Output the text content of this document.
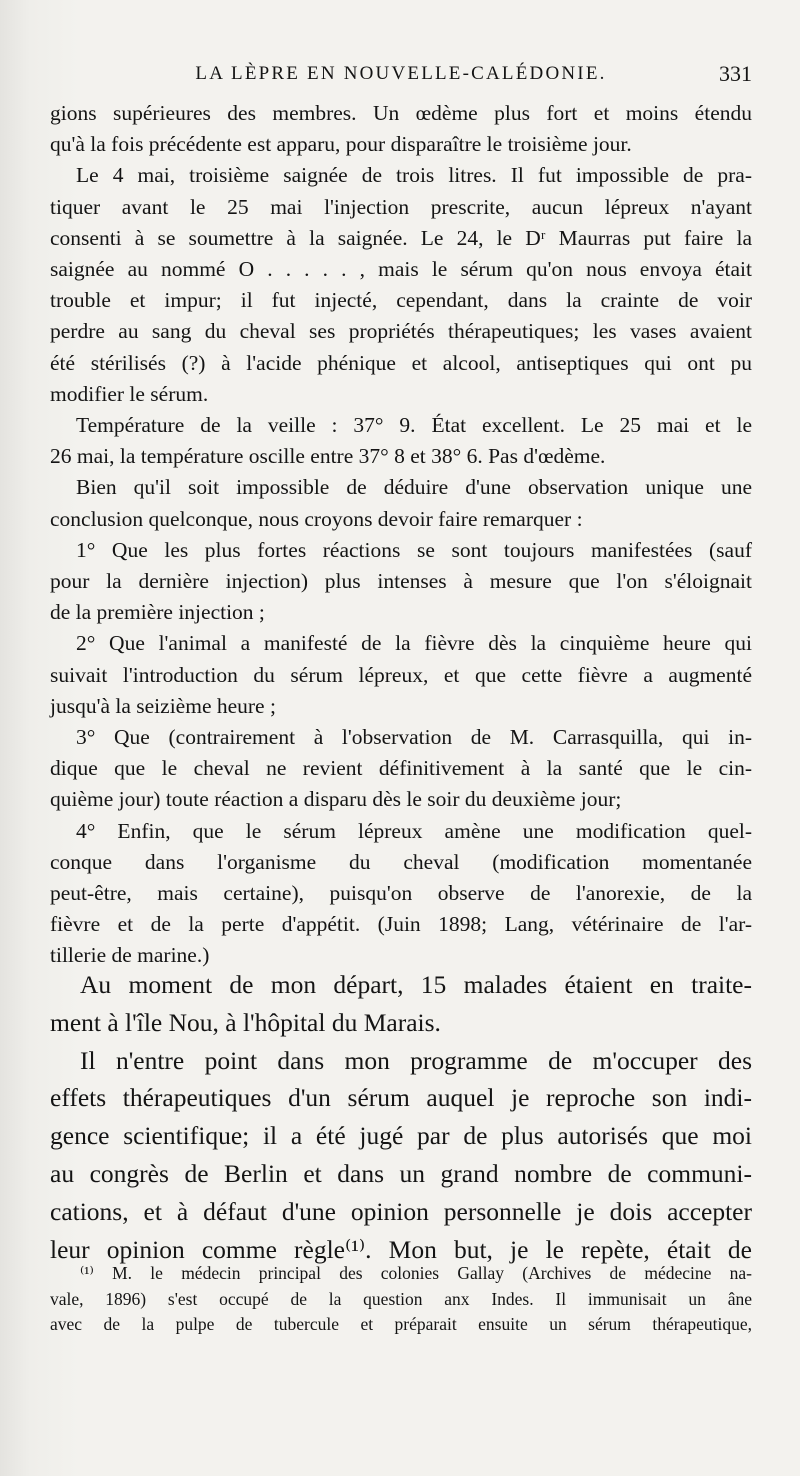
LA LÈPRE EN NOUVELLE-CALÉDONIE.	331
gions supérieures des membres. Un œdème plus fort et moins étendu
qu'à la fois précédente est apparu, pour disparaître le troisième jour.
Le 4 mai, troisième saignée de trois litres. Il fut impossible de pra-
tiquer avant le 25 mai l'injection prescrite, aucun lépreux n'ayant
consenti à se soumettre à la saignée. Le 24, le Dʳ Maurras put faire la
saignée au nommé O . . . . . , mais le sérum qu'on nous envoya était
trouble et impur; il fut injecté, cependant, dans la crainte de voir
perdre au sang du cheval ses propriétés thérapeutiques; les vases avaient
été stérilisés (?) à l'acide phénique et alcool, antiseptiques qui ont pu
modifier le sérum.
Température de la veille : 37° 9. État excellent. Le 25 mai et le
26 mai, la température oscille entre 37° 8 et 38° 6. Pas d'œdème.
Bien qu'il soit impossible de déduire d'une observation unique une
conclusion quelconque, nous croyons devoir faire remarquer :
1° Que les plus fortes réactions se sont toujours manifestées (sauf
pour la dernière injection) plus intenses à mesure que l'on s'éloignait
de la première injection ;
2° Que l'animal a manifesté de la fièvre dès la cinquième heure qui
suivait l'introduction du sérum lépreux, et que cette fièvre a augmenté
jusqu'à la seizième heure ;
3° Que (contrairement à l'observation de M. Carrasquilla, qui in-
dique que le cheval ne revient définitivement à la santé que le cin-
quième jour) toute réaction a disparu dès le soir du deuxième jour;
4° Enfin, que le sérum lépreux amène une modification quel-
conque dans l'organisme du cheval (modification momentanée
peut-être, mais certaine), puisqu'on observe de l'anorexie, de la
fièvre et de la perte d'appétit. (Juin 1898; Lang, vétérinaire de l'ar-
tillerie de marine.)
Au moment de mon départ, 15 malades étaient en traite-
ment à l'île Nou, à l'hôpital du Marais.
Il n'entre point dans mon programme de m'occuper des
effets thérapeutiques d'un sérum auquel je reproche son indi-
gence scientifique; il a été jugé par de plus autorisés que moi
au congrès de Berlin et dans un grand nombre de communi-
cations, et à défaut d'une opinion personnelle je dois accepter
leur opinion comme règle⁽¹⁾. Mon but, je le repète, était de
⁽¹⁾ M. le médecin principal des colonies Gallay (Archives de médecine na-
vale, 1896) s'est occupé de la question anx Indes. Il immunisait un âne
avec de la pulpe de tubercule et préparait ensuite un sérum thérapeutique,
